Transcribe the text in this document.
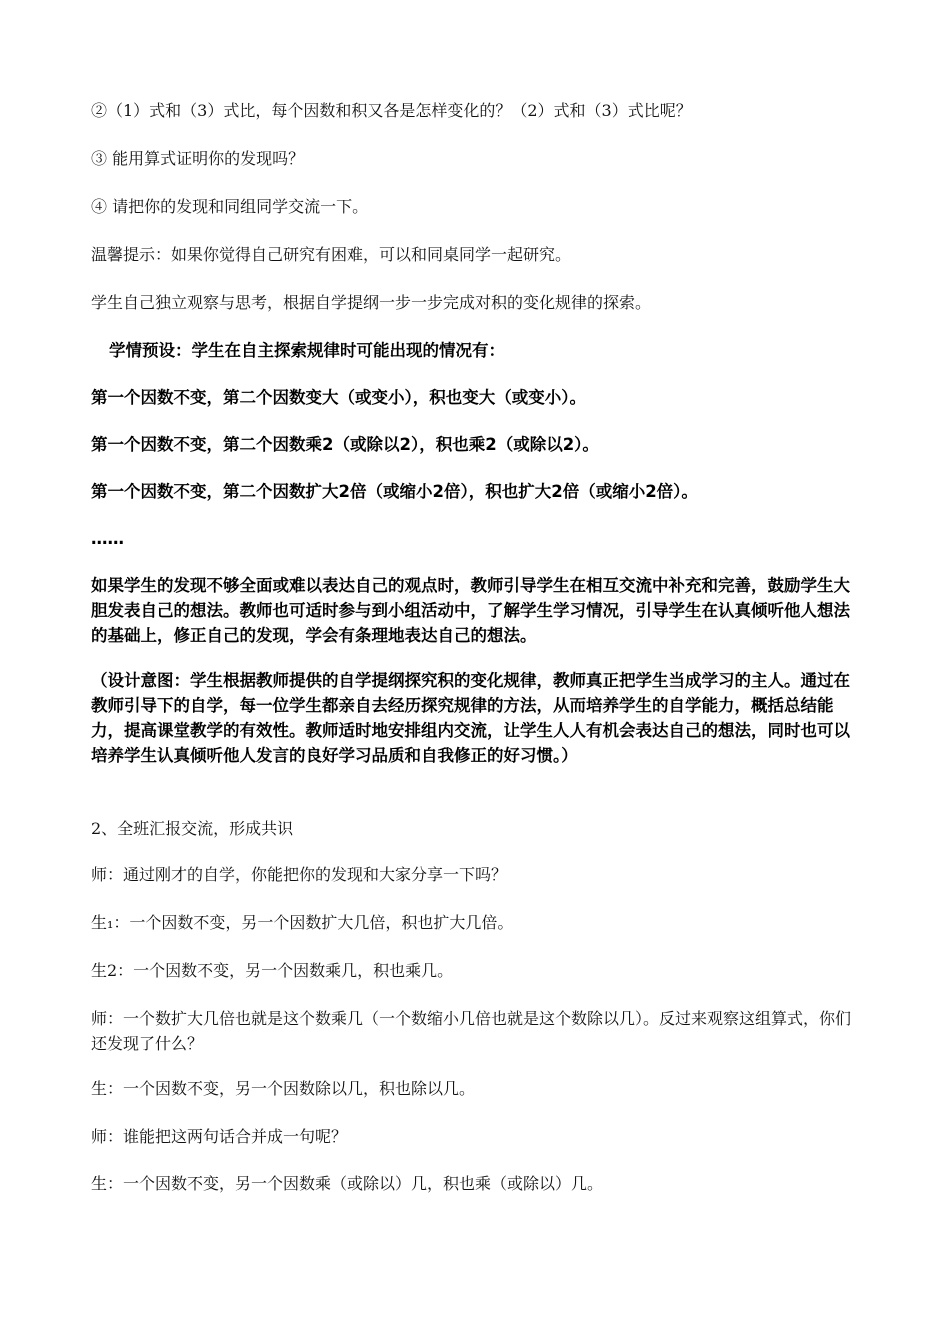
②（1）式和（3）式比，每个因数和积又各是怎样变化的？（2）式和（3）式比呢？

③ 能用算式证明你的发现吗？

④ 请把你的发现和同组同学交流一下。

温馨提示：如果你觉得自己研究有困难，可以和同桌同学一起研究。

学生自己独立观察与思考，根据自学提纲一步一步完成对积的变化规律的探索。

学情预设：学生在自主探索规律时可能出现的情况有：

第一个因数不变，第二个因数变大（或变小），积也变大（或变小）。

第一个因数不变，第二个因数乘2（或除以2），积也乘2（或除以2）。

第一个因数不变，第二个因数扩大2倍（或缩小2倍），积也扩大2倍（或缩小2倍）。

……

如果学生的发现不够全面或难以表达自己的观点时，教师引导学生在相互交流中补充和完善，鼓励学生大胆发表自己的想法。教师也可适时参与到小组活动中，了解学生学习情况，引导学生在认真倾听他人想法的基础上，修正自己的发现，学会有条理地表达自己的想法。

（设计意图：学生根据教师提供的自学提纲探究积的变化规律，教师真正把学生当成学习的主人。通过在教师引导下的自学，每一位学生都亲自去经历探究规律的方法，从而培养学生的自学能力，概括总结能力，提高课堂教学的有效性。教师适时地安排组内交流，让学生人人有机会表达自己的想法，同时也可以培养学生认真倾听他人发言的良好学习品质和自我修正的好习惯。）

2、全班汇报交流，形成共识

师：通过刚才的自学，你能把你的发现和大家分享一下吗？

生₁：一个因数不变，另一个因数扩大几倍，积也扩大几倍。

生2：一个因数不变，另一个因数乘几，积也乘几。

师：一个数扩大几倍也就是这个数乘几（一个数缩小几倍也就是这个数除以几）。反过来观察这组算式，你们还发现了什么？

生：一个因数不变，另一个因数除以几，积也除以几。

师：谁能把这两句话合并成一句呢？

生：一个因数不变，另一个因数乘（或除以）几，积也乘（或除以）几。
